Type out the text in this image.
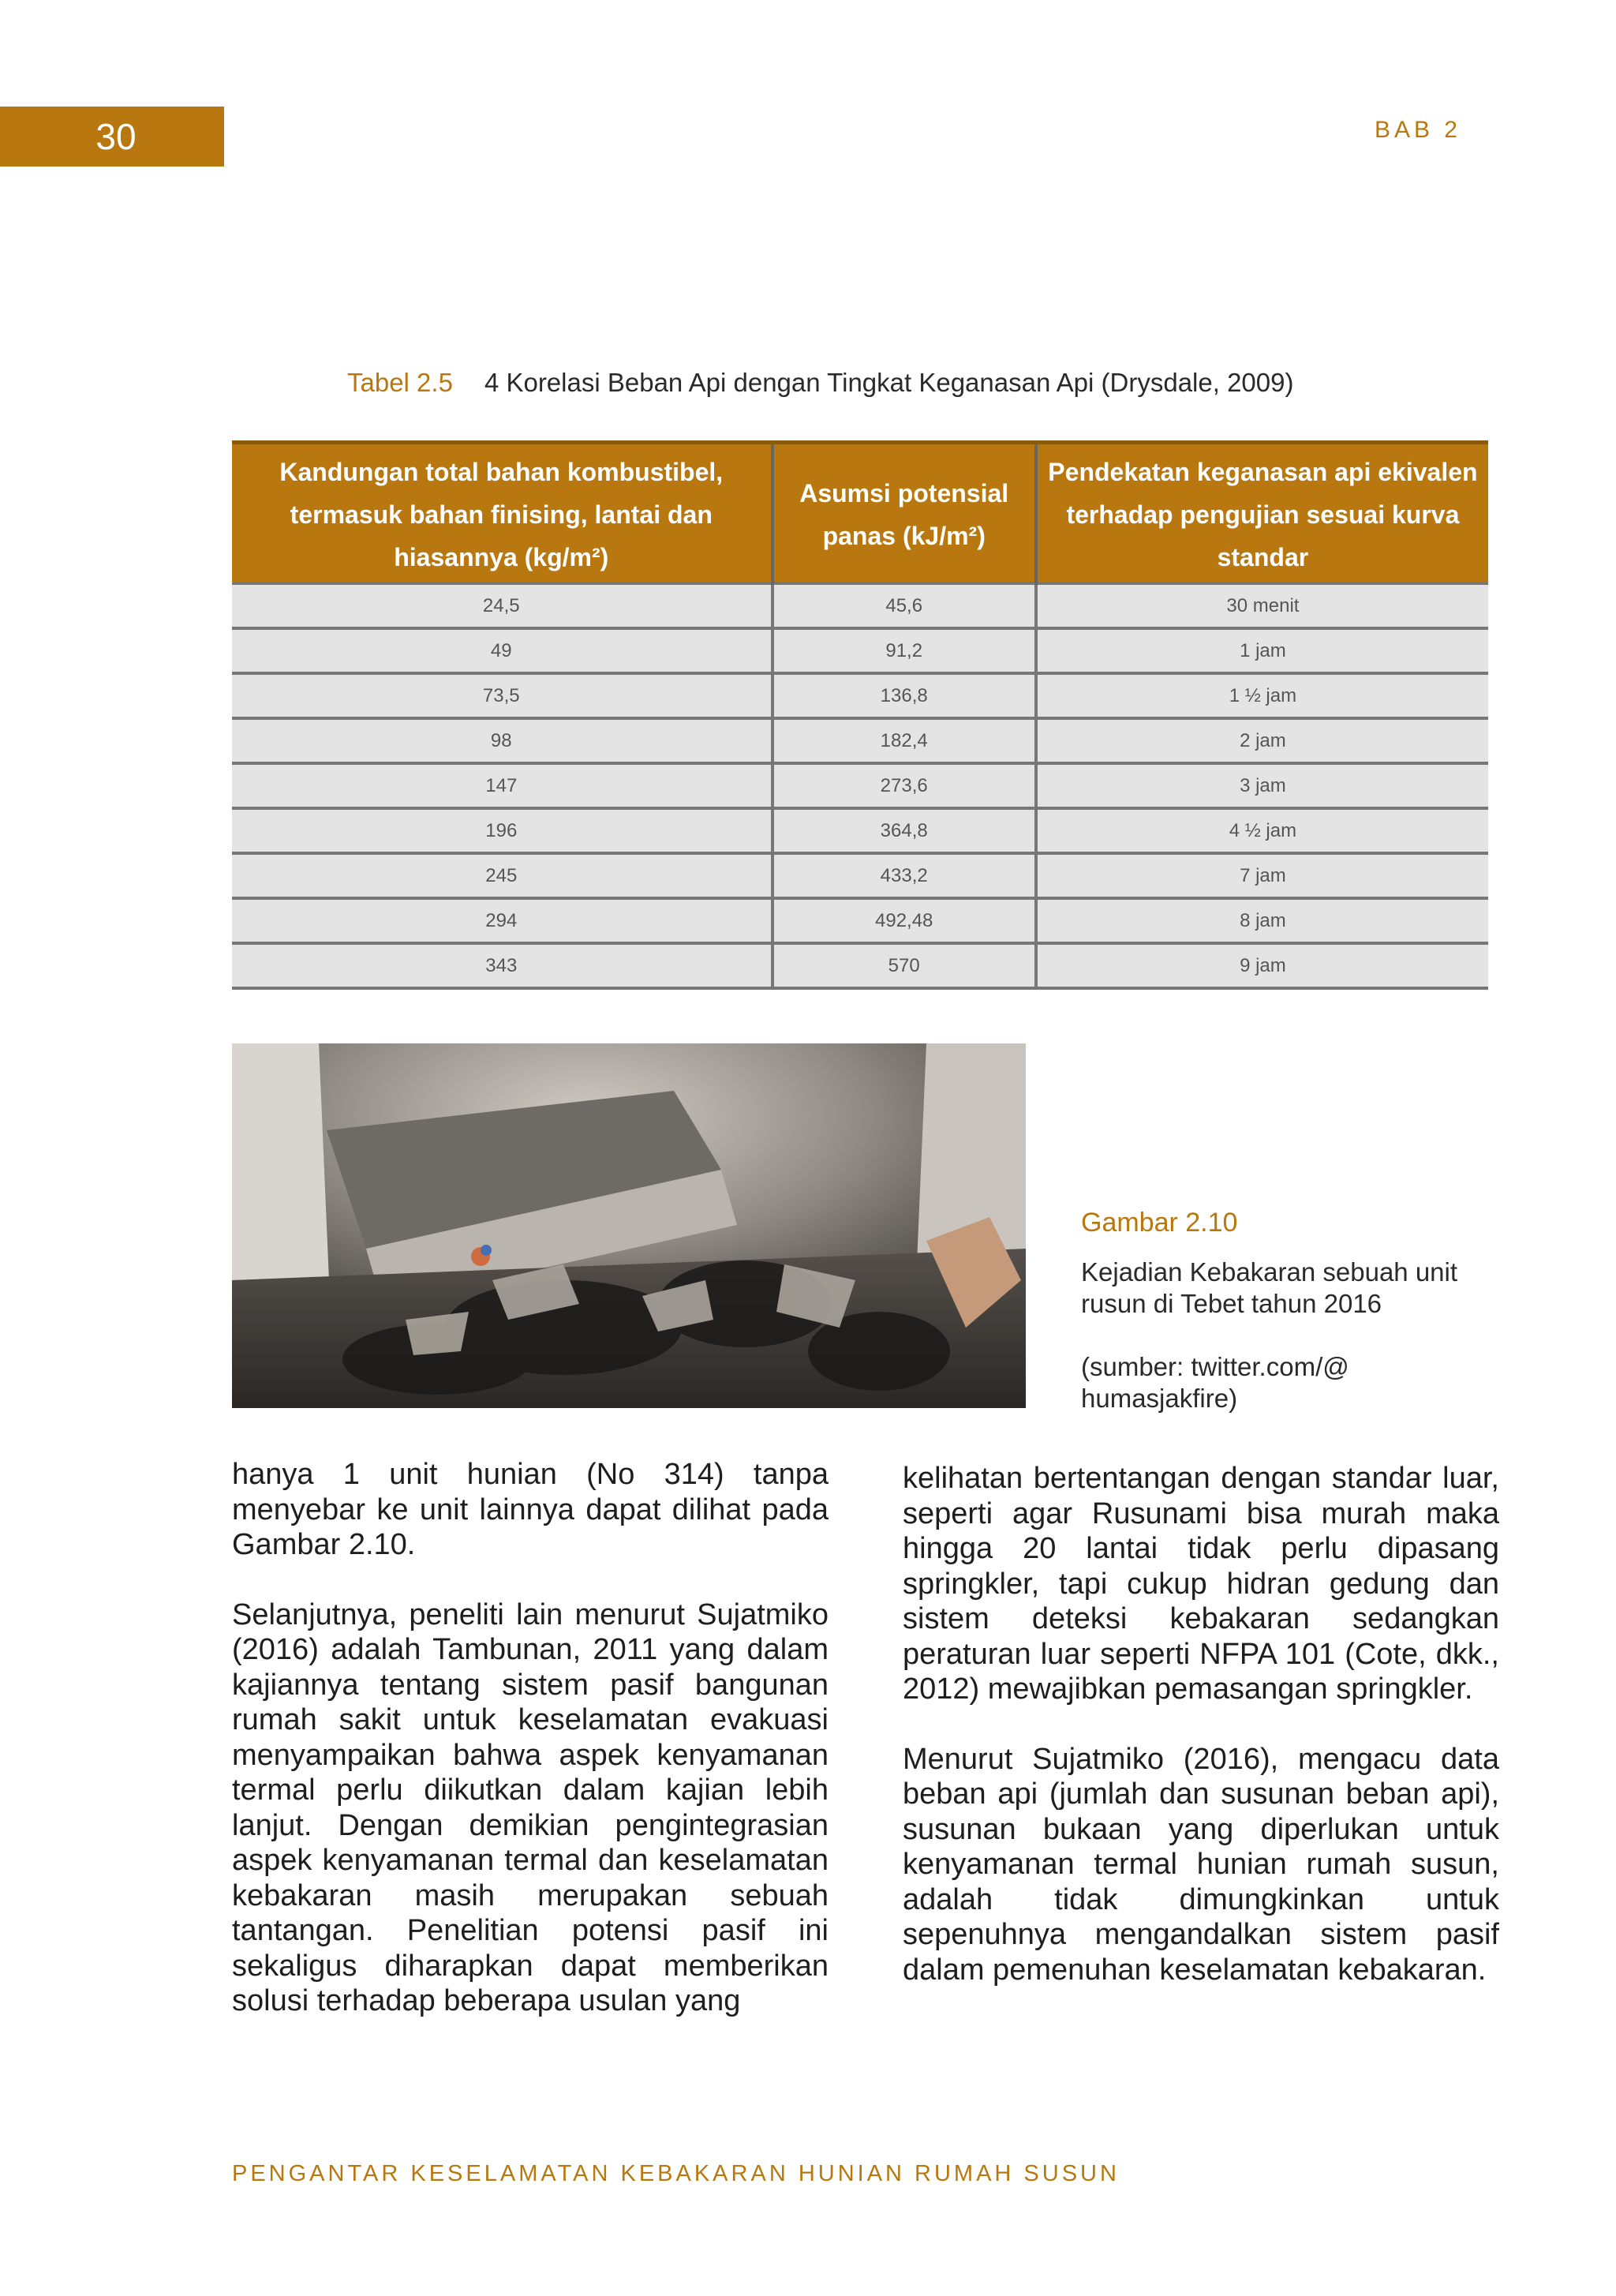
30	BAB 2
Tabel 2.5 4 Korelasi Beban Api dengan Tingkat Keganasan Api (Drysdale, 2009)
Kandungan total bahan kombustibel, termasuk bahan finising, lantai dan hiasannya (kg/m²)	Asumsi potensial panas (kJ/m²)	Pendekatan keganasan api ekivalen terhadap pengujian sesuai kurva standar
24,5	45,6	30 menit
49	91,2	1 jam
73,5	136,8	1 ½ jam
98	182,4	2 jam
147	273,6	3 jam
196	364,8	4 ½ jam
245	433,2	7 jam
294	492,48	8 jam
343	570	9 jam
Gambar 2.10
Kejadian Kebakaran sebuah unit rusun di Tebet tahun 2016
(sumber: twitter.com/@ humasjakfire)

hanya 1 unit hunian (No 314) tanpa menyebar ke unit lainnya dapat dilihat pada Gambar 2.10.

Selanjutnya, peneliti lain menurut Sujatmiko (2016) adalah Tambunan, 2011 yang dalam kajiannya tentang sistem pasif bangunan rumah sakit untuk keselamatan evakuasi menyampaikan bahwa aspek kenyamanan termal perlu diikutkan dalam kajian lebih lanjut. Dengan demikian pengintegrasian aspek kenyamanan termal dan keselamatan kebakaran masih merupakan sebuah tantangan. Penelitian potensi pasif ini sekaligus diharapkan dapat memberikan solusi terhadap beberapa usulan yang

kelihatan bertentangan dengan standar luar, seperti agar Rusunami bisa murah maka hingga 20 lantai tidak perlu dipasang springkler, tapi cukup hidran gedung dan sistem deteksi kebakaran sedangkan peraturan luar seperti NFPA 101 (Cote, dkk., 2012) mewajibkan pemasangan springkler.

Menurut Sujatmiko (2016), mengacu data beban api (jumlah dan susunan beban api), susunan bukaan yang diperlukan untuk kenyamanan termal hunian rumah susun, adalah tidak dimungkinkan untuk sepenuhnya mengandalkan sistem pasif dalam pemenuhan keselamatan kebakaran.

PENGANTAR KESELAMATAN KEBAKARAN HUNIAN RUMAH SUSUN
